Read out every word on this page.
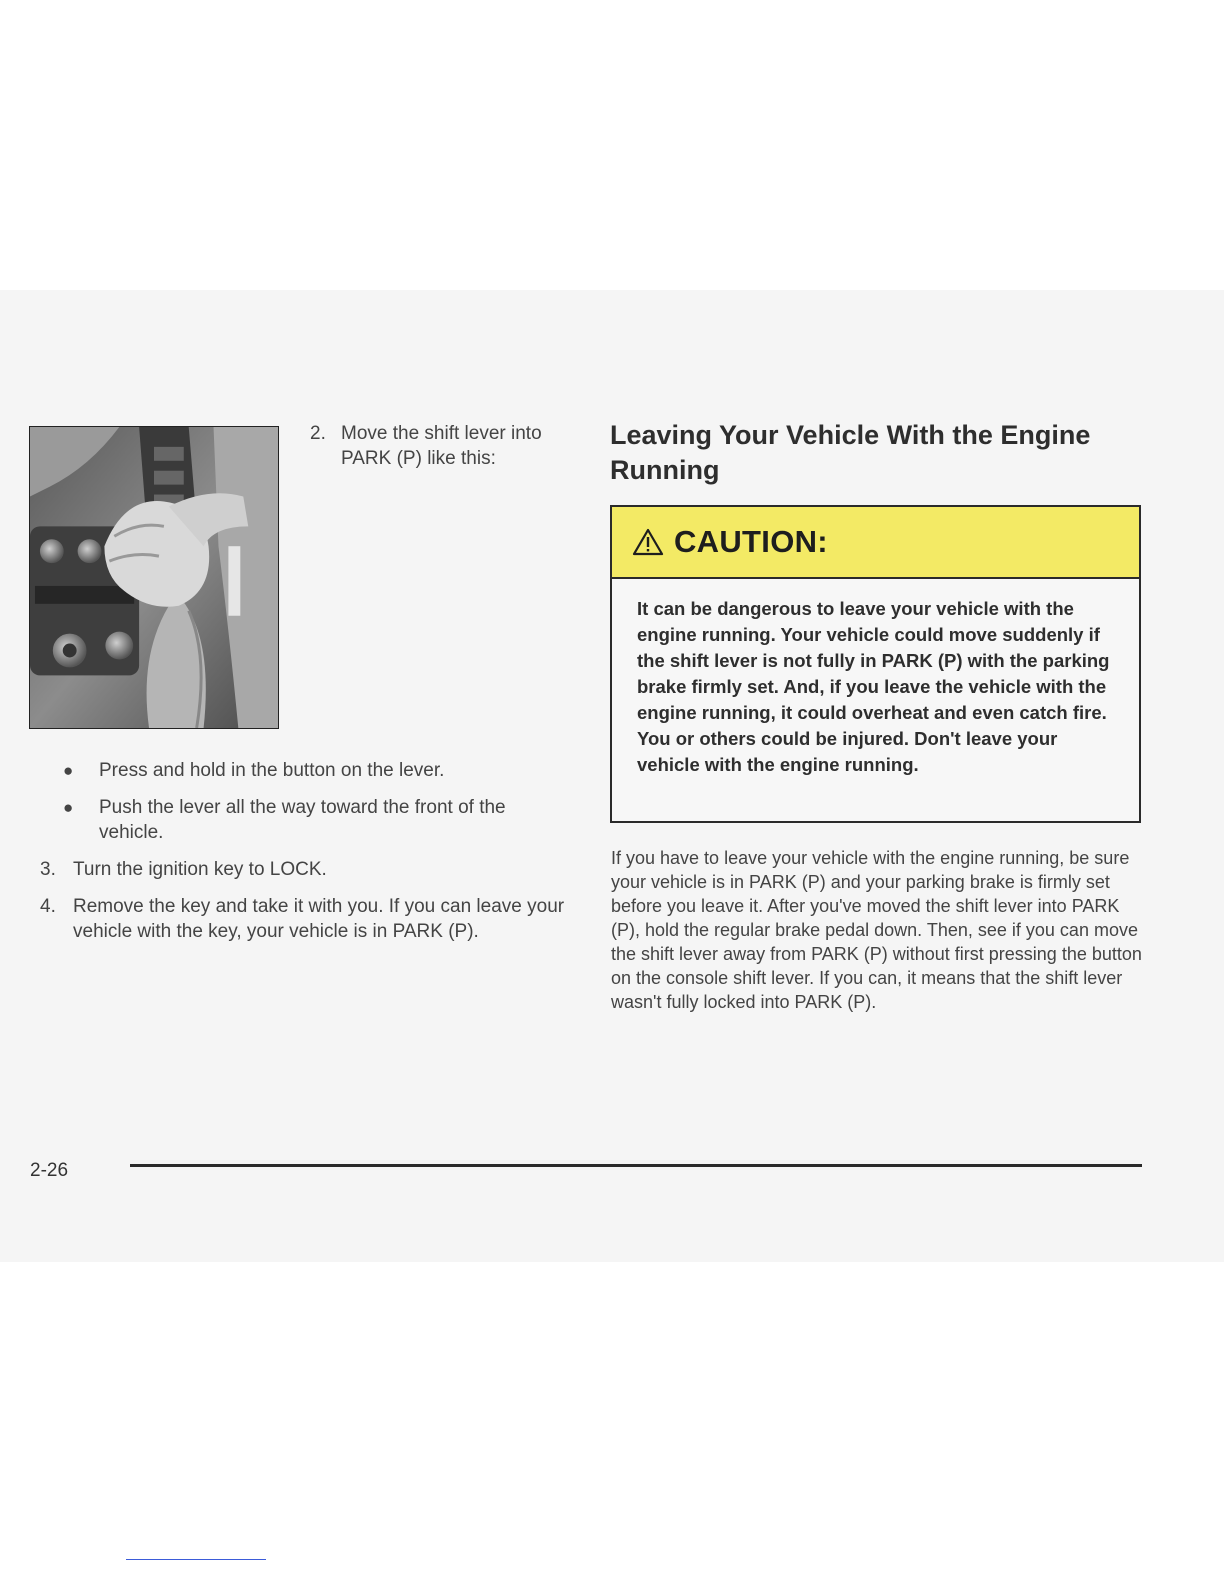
2. Move the shift lever into PARK (P) like this:
● Press and hold in the button on the lever.
● Push the lever all the way toward the front of the vehicle.
3. Turn the ignition key to LOCK.
4. Remove the key and take it with you. If you can leave your vehicle with the key, your vehicle is in PARK (P).
Leaving Your Vehicle With the Engine Running
CAUTION:
It can be dangerous to leave your vehicle with the engine running. Your vehicle could move suddenly if the shift lever is not fully in PARK (P) with the parking brake firmly set. And, if you leave the vehicle with the engine running, it could overheat and even catch fire. You or others could be injured. Don't leave your vehicle with the engine running.
If you have to leave your vehicle with the engine running, be sure your vehicle is in PARK (P) and your parking brake is firmly set before you leave it. After you've moved the shift lever into PARK (P), hold the regular brake pedal down. Then, see if you can move the shift lever away from PARK (P) without first pressing the button on the console shift lever. If you can, it means that the shift lever wasn't fully locked into PARK (P).
2-26
